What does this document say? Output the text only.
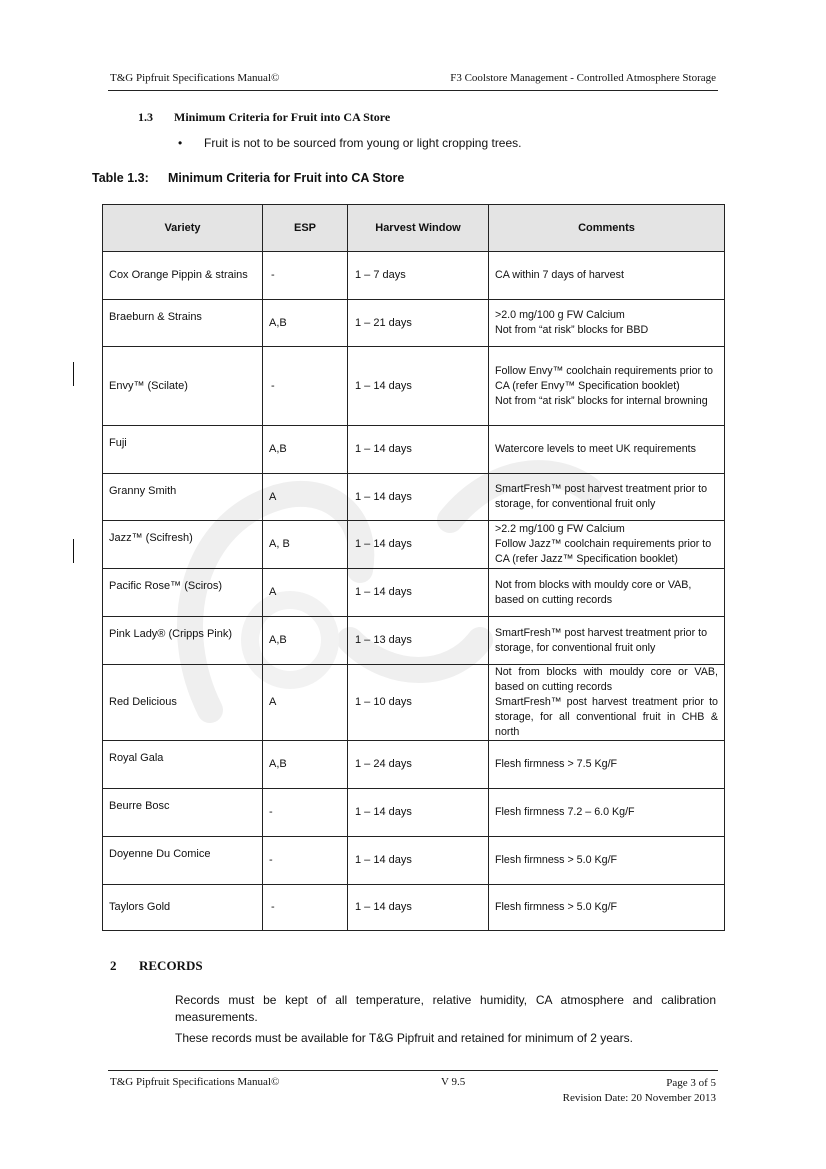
T&G Pipfruit Specifications Manual©	F3 Coolstore Management - Controlled Atmosphere Storage
1.3 Minimum Criteria for Fruit into CA Store
• Fruit is not to be sourced from young or light cropping trees.
Table 1.3: Minimum Criteria for Fruit into CA Store
Variety	ESP	Harvest Window	Comments
Cox Orange Pippin & strains	-	1 – 7 days	CA within 7 days of harvest
Braeburn & Strains	A,B	1 – 21 days	>2.0 mg/100 g FW Calcium
Not from “at risk” blocks for BBD
Envy™ (Scilate)	-	1 – 14 days	Follow Envy™ coolchain requirements prior to CA (refer Envy™ Specification booklet)
Not from “at risk” blocks for internal browning
Fuji	A,B	1 – 14 days	Watercore levels to meet UK requirements
Granny Smith	A	1 – 14 days	SmartFresh™ post harvest treatment prior to storage, for conventional fruit only
Jazz™ (Scifresh)	A, B	1 – 14 days	>2.2 mg/100 g FW Calcium
Follow Jazz™ coolchain requirements prior to CA (refer Jazz™ Specification booklet)
Pacific Rose™ (Sciros)	A	1 – 14 days	Not from blocks with mouldy core or VAB, based on cutting records
Pink Lady® (Cripps Pink)	A,B	1 – 13 days	SmartFresh™ post harvest treatment prior to storage, for conventional fruit only
Red Delicious	A	1 – 10 days	Not from blocks with mouldy core or VAB, based on cutting records
SmartFresh™ post harvest treatment prior to storage, for all conventional fruit in CHB & north
Royal Gala	A,B	1 – 24 days	Flesh firmness > 7.5 Kg/F
Beurre Bosc	-	1 – 14 days	Flesh firmness 7.2 – 6.0 Kg/F
Doyenne Du Comice	-	1 – 14 days	Flesh firmness > 5.0 Kg/F
Taylors Gold	-	1 – 14 days	Flesh firmness > 5.0 Kg/F
2 RECORDS
Records must be kept of all temperature, relative humidity, CA atmosphere and calibration measurements.
These records must be available for T&G Pipfruit and retained for minimum of 2 years.
T&G Pipfruit Specifications Manual©	V 9.5	Page 3 of 5
Revision Date: 20 November 2013
